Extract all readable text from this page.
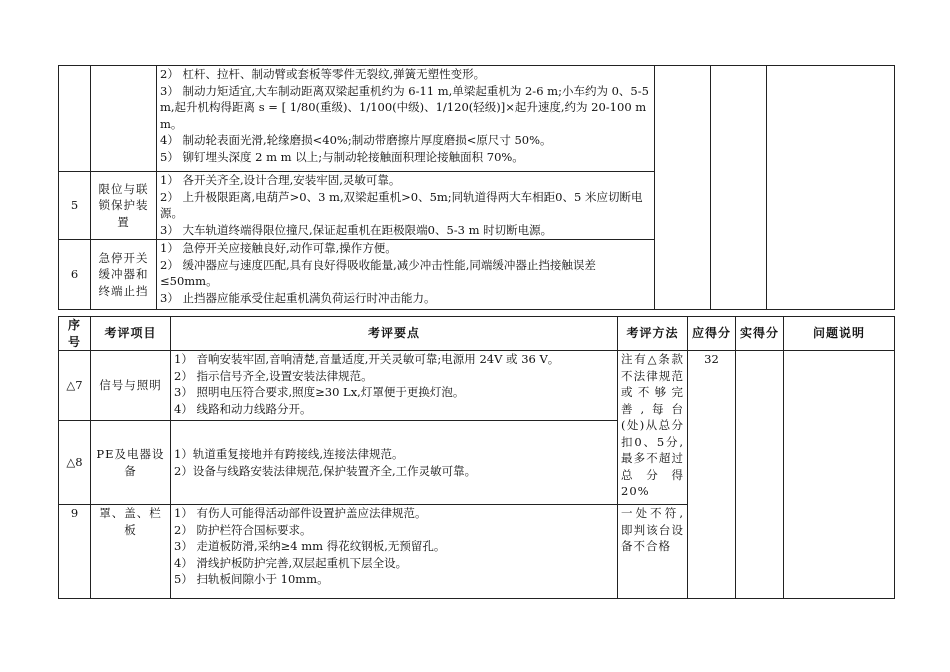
		2） 杠杆、拉杆、制动臂或套板等零件无裂纹,弹簧无塑性变形。
3） 制动力矩适宜,大车制动距离双梁起重机约为 6-11 m,单梁起重机为 2-6 m;小车约为 0、5-5 m,起升机构得距离 s = [ 1/80(重级)、1/100(中级)、1/120(轻级)]×起升速度,约为 20-100 m m。
4） 制动轮表面光滑,轮缘磨损<40%;制动带磨擦片厚度磨损<原尺寸 50%。
5） 铆钉埋头深度 2 m m 以上;与制动轮接触面积理论接触面积 70%。			

5	限位与联锁保护装置	1） 各开关齐全,设计合理,安装牢固,灵敏可靠。
2） 上升极限距离,电葫芦>0、3 m,双梁起重机>0、5m;同轨道得两大车相距0、5 米应切断电源。
3） 大车轨道终端得限位撞尺,保证起重机在距极限端0、5-3 m 时切断电源。			

6	急停开关缓冲器和终端止挡	1） 急停开关应接触良好,动作可靠,操作方便。
2） 缓冲器应与速度匹配,具有良好得吸收能量,减少冲击性能,同端缓冲器止挡接触误差≤50mm。
3） 止挡器应能承受住起重机满负荷运行时冲击能力。			
序号	考评项目	考评要点	考评方法	应得分	实得分	问题说明
△7	信号与照明	1） 音响安装牢固,音响清楚,音量适度,开关灵敏可靠;电源用 24V 或 36 V。
2） 指示信号齐全,设置安装法律规范。
3） 照明电压符合要求,照度≥30 Lx,灯罩便于更换灯泡。
4） 线路和动力线路分开。	注有△条款不法律规范或不够完善,每台(处)从总分扣0、5分,最多不超过总分得20%	32		
△8	PE及电器设备	1）轨道重复接地并有跨接线,连接法律规范。
2）设备与线路安装法律规范,保护装置齐全,工作灵敏可靠。				

9	罩、盖、栏板	1） 有伤人可能得活动部件设置护盖应法律规范。
2） 防护栏符合国标要求。
3） 走道板防滑,采纳≥4 mm 得花纹钢板,无预留孔。
4） 滑线护板防护完善,双层起重机下层全设。
5） 扫轨板间隙小于 10mm。	一处不符,即判该台设备不合格			
